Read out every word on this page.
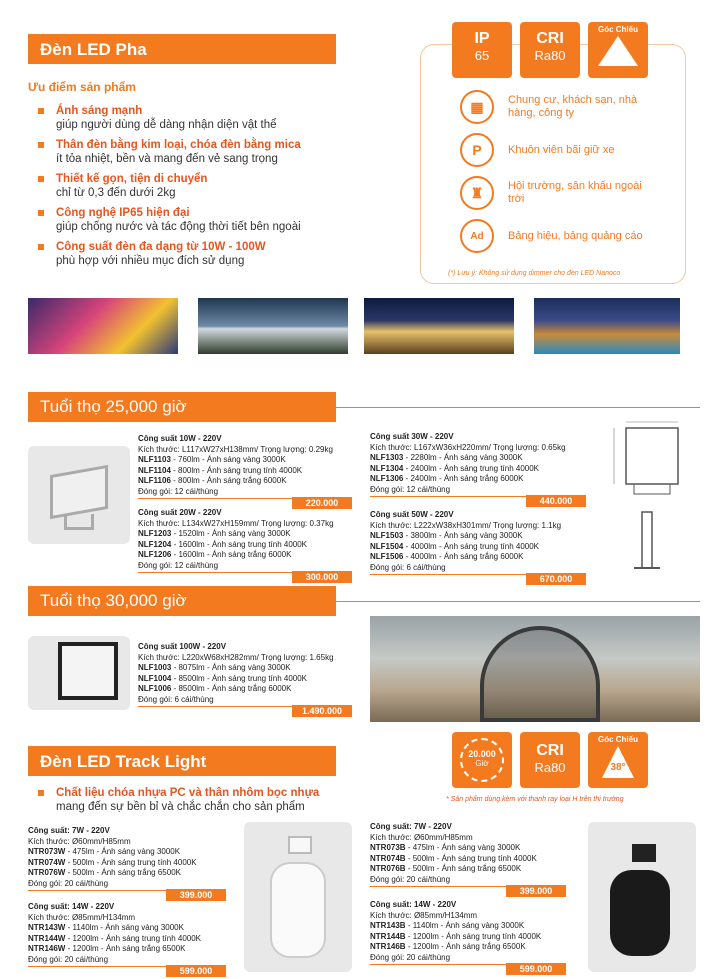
Đèn LED Pha
Ưu điểm sản phẩm
Ánh sáng mạnh
giúp người dùng dễ dàng nhận diện vật thể
Thân đèn bằng kim loại, chóa đèn bằng mica
ít tỏa nhiệt, bền và mang đến vẻ sang trọng
Thiết kế gọn, tiện di chuyển
chỉ từ 0,3 đến dưới 2kg
Công nghệ IP65 hiện đại
giúp chống nước và tác động thời tiết bên ngoài
Công suất đèn đa dạng từ 10W - 100W
phù hợp với nhiều mục đích sử dụng
IP
65
CRI
Ra80
Góc Chiếu
110°
▦	Chung cư, khách sạn, nhà hàng, công ty
P	Khuôn viên bãi giữ xe
♜	Hội trường, sân khấu ngoài trời
Ad	Bảng hiệu, bảng quảng cáo
(*) Lưu ý: Không sử dụng dimmer cho đèn LED Nanoco
Tuổi thọ 25,000 giờ
Công suất 10W - 220V
Kích thước: L117xW27xH138mm/ Trọng lượng: 0.29kg
NLF1103 - 760lm - Ánh sáng vàng 3000K
NLF1104 - 800lm - Ánh sáng trung tính 4000K
NLF1106 - 800lm - Ánh sáng trắng 6000K
Đóng gói: 12 cái/thùng
220.000
Công suất 30W - 220V
Kích thước: L167xW36xH220mm/ Trọng lượng: 0.65kg
NLF1303 - 2280lm - Ánh sáng vàng 3000K
NLF1304 - 2400lm - Ánh sáng trung tính 4000K
NLF1306 - 2400lm - Ánh sáng trắng 6000K
Đóng gói: 12 cái/thùng
440.000
Công suất 20W - 220V
Kích thước: L134xW27xH159mm/ Trọng lượng: 0.37kg
NLF1203 - 1520lm - Ánh sáng vàng 3000K
NLF1204 - 1600lm - Ánh sáng trung tính 4000K
NLF1206 - 1600lm - Ánh sáng trắng 6000K
Đóng gói: 12 cái/thùng
300.000
Công suất 50W - 220V
Kích thước: L222xW38xH301mm/ Trọng lượng: 1.1kg
NLF1503 - 3800lm - Ánh sáng vàng 3000K
NLF1504 - 4000lm - Ánh sáng trung tính 4000K
NLF1506 - 4000lm - Ánh sáng trắng 6000K
Đóng gói: 6 cái/thùng
670.000
Tuổi thọ 30,000 giờ
Công suất 100W - 220V
Kích thước: L220xW68xH282mm/ Trọng lượng: 1.65kg
NLF1003 - 8075lm - Ánh sáng vàng 3000K
NLF1004 - 8500lm - Ánh sáng trung tính 4000K
NLF1006 - 8500lm - Ánh sáng trắng 6000K
Đóng gói: 6 cái/thùng
1.490.000
Đèn LED Track Light
Chất liệu chóa nhựa PC và thân nhôm bọc nhựa
mang đến sự bền bỉ và chắc chắn cho sản phẩm
20.000
Giờ
CRI
Ra80
Góc Chiếu
38°
* Sản phẩm dùng kèm với thanh ray loại H trên thị trường
Công suất: 7W - 220V
Kích thước: Ø60mm/H85mm
NTR073W - 475lm - Ánh sáng vàng 3000K
NTR074W - 500lm - Ánh sáng trung tính 4000K
NTR076W - 500lm - Ánh sáng trắng 6500K
Đóng gói: 20 cái/thùng
399.000
Công suất: 14W - 220V
Kích thước: Ø85mm/H134mm
NTR143W - 1140lm - Ánh sáng vàng 3000K
NTR144W - 1200lm - Ánh sáng trung tính 4000K
NTR146W - 1200lm - Ánh sáng trắng 6500K
Đóng gói: 20 cái/thùng
599.000
Công suất: 7W - 220V
Kích thước: Ø60mm/H85mm
NTR073B - 475lm - Ánh sáng vàng 3000K
NTR074B - 500lm - Ánh sáng trung tính 4000K
NTR076B - 500lm - Ánh sáng trắng 6500K
Đóng gói: 20 cái/thùng
399.000
Công suất: 14W - 220V
Kích thước: Ø85mm/H134mm
NTR143B - 1140lm - Ánh sáng vàng 3000K
NTR144B - 1200lm - Ánh sáng trung tính 4000K
NTR146B - 1200lm - Ánh sáng trắng 6500K
Đóng gói: 20 cái/thùng
599.000
